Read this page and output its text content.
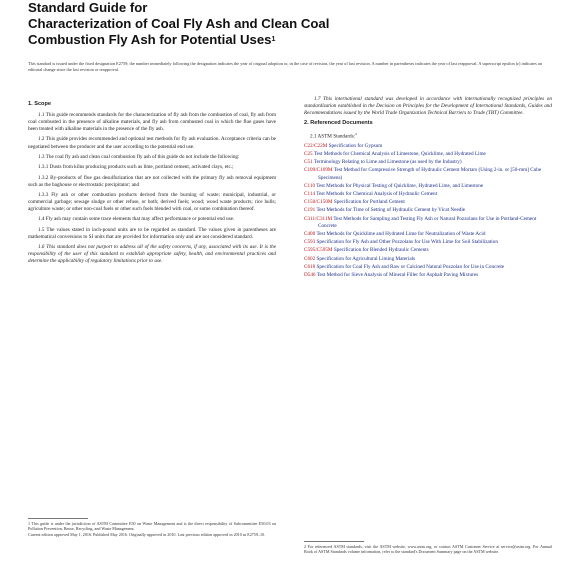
Standard Guide for
Characterization of Coal Fly Ash and Clean Coal
Combustion Fly Ash for Potential Uses$^1$
This standard is issued under the fixed designation E2759; the number immediately following the designation indicates the year of original adoption or, in the case of revision, the year of last revision. A number in parentheses indicates the year of last reapproval. A superscript epsilon (ε) indicates an editorial change since the last revision or reapproval.
1. Scope

1.1 This guide recommends standards for the characterization of fly ash from the combustion of coal, fly ash from coal combusted in the presence of alkaline materials, and fly ash from combusted coal in which the flue gases have been treated with alkaline materials in the presence of the fly ash.

1.2 This guide provides recommended and optional test methods for fly ash evaluation. Acceptance criteria can be negotiated between the producer and the user according to the potential end use.

1.3 The coal fly ash and clean coal combustion fly ash of this guide do not include the following:

1.3.1 Dusts from kilns producing products such as lime, portland cement, activated clays, etc.;

1.3.2 By-products of flue gas desulfurization that are not collected with the primary fly ash removal equipment such as the baghouse or electrostatic precipitator; and

1.3.3 Fly ash or other combustion products derived from the burning of waste; municipal, industrial, or commercial garbage; sewage sludge or other refuse, or both; derived fuels; wood; wood waste products; rice hulls; agriculture waste; or other non-coal fuels or other such fuels blended with coal, or some combination thereof.

1.4 Fly ash may contain some trace elements that may affect performance or potential end use.

1.5 The values stated in inch-pound units are to be regarded as standard. The values given in parentheses are mathematical conversions to SI units that are provided for information only and are not considered standard.

1.6 This standard does not purport to address all of the safety concerns, if any, associated with its use. It is the responsibility of the user of this standard to establish appropriate safety, health, and environmental practices and determine the applicability of regulatory limitations prior to use.

1.7 This international standard was developed in accordance with internationally recognized principles on standardization established in the Decision on Principles for the Development of International Standards, Guides and Recommendations issued by the World Trade Organization Technical Barriers to Trade (TBT) Committee.

2. Referenced Documents
2.1 ASTM Standards:$^2$
C22/C22M Specification for Gypsum
C25 Test Methods for Chemical Analysis of Limestone, Quicklime, and Hydrated Lime
C51 Terminology Relating to Lime and Limestone (as used by the Industry)
C109/C109M Test Method for Compressive Strength of Hydraulic Cement Mortars (Using 2-in. or [50-mm] Cube Specimens)
C110 Test Methods for Physical Testing of Quicklime, Hydrated Lime, and Limestone
C114 Test Methods for Chemical Analysis of Hydraulic Cement
C150/C150M Specification for Portland Cement
C191 Test Methods for Time of Setting of Hydraulic Cement by Vicat Needle
C311/C311M Test Methods for Sampling and Testing Fly Ash or Natural Pozzolans for Use in Portland-Cement Concrete
C400 Test Methods for Quicklime and Hydrated Lime for Neutralization of Waste Acid
C593 Specification for Fly Ash and Other Pozzolans for Use With Lime for Soil Stabilization
C595/C595M Specification for Blended Hydraulic Cements
C602 Specification for Agricultural Liming Materials
C618 Specification for Coal Fly Ash and Raw or Calcined Natural Pozzolan for Use in Concrete
D546 Test Method for Sieve Analysis of Mineral Filler for Asphalt Paving Mixtures
1 This guide is under the jurisdiction of ASTM Committee E50 on Waste Management and is the direct responsibility of Subcommittee E50.03 on Pollution Prevention, Reuse, Recycling, and Waste Management.
Current edition approved May 1, 2016. Published May 2016. Originally approved in 2010. Last previous edition approved in 2010 as E2759–10.
2 For referenced ASTM standards, visit the ASTM website, www.astm.org, or contact ASTM Customer Service at service@astm.org. For Annual Book of ASTM Standards volume information, refer to the standard's Document Summary page on the ASTM website.
